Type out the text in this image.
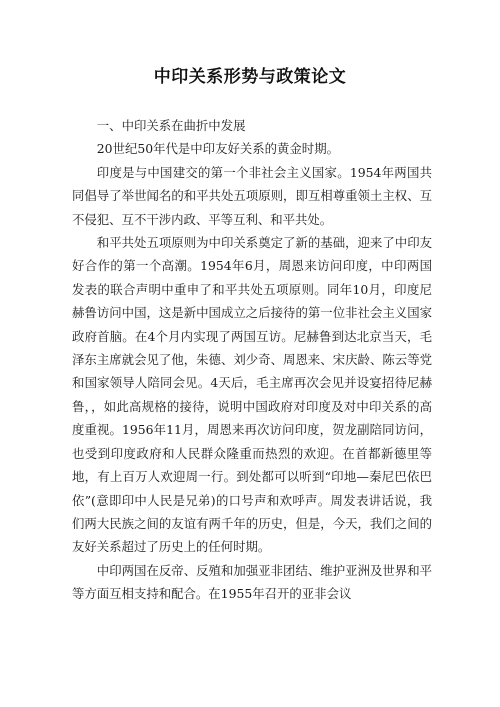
中印关系形势与政策论文

一、中印关系在曲折中发展

20世纪50年代是中印友好关系的黄金时期。

印度是与中国建交的第一个非社会主义国家。1954年两国共同倡导了举世闻名的和平共处五项原则，即互相尊重领土主权、互不侵犯、互不干涉内政、平等互利、和平共处。

和平共处五项原则为中印关系奠定了新的基础，迎来了中印友好合作的第一个高潮。1954年6月，周恩来访问印度，中印两国发表的联合声明中重申了和平共处五项原则。同年10月，印度尼赫鲁访问中国，这是新中国成立之后接待的第一位非社会主义国家政府首脑。在4个月内实现了两国互访。尼赫鲁到达北京当天，毛泽东主席就会见了他，朱德、刘少奇、周恩来、宋庆龄、陈云等党和国家领导人陪同会见。4天后，毛主席再次会见并设宴招待尼赫鲁，，如此高规格的接待，说明中国政府对印度及对中印关系的高度重视。1956年11月，周恩来再次访问印度，贺龙副陪同访问，也受到印度政府和人民群众隆重而热烈的欢迎。在首都新德里等地，有上百万人欢迎周一行。到处都可以听到“印地—秦尼巴依巴依”(意即印中人民是兄弟)的口号声和欢呼声。周发表讲话说，我们两大民族之间的友谊有两千年的历史，但是，今天，我们之间的友好关系超过了历史上的任何时期。

中印两国在反帝、反殖和加强亚非团结、维护亚洲及世界和平等方面互相支持和配合。在1955年召开的亚非会议
